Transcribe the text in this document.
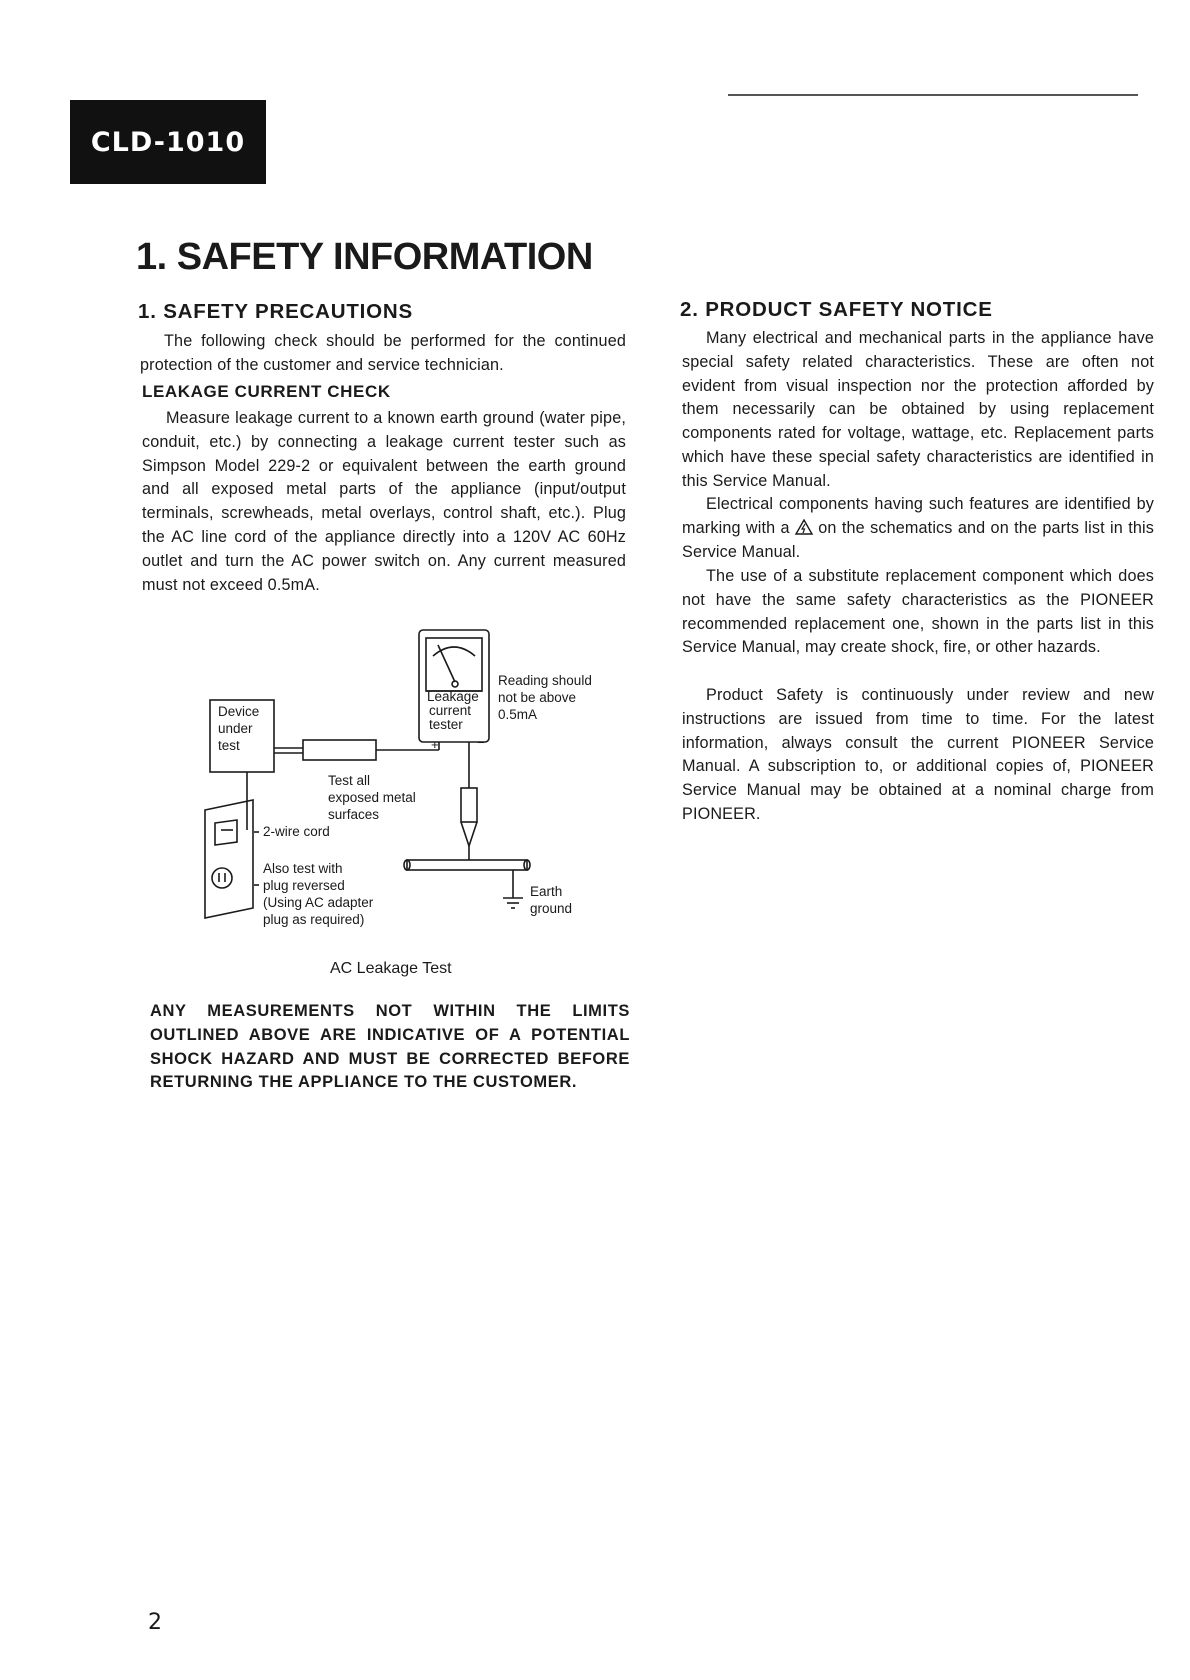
CLD-1010
1. SAFETY INFORMATION
1. SAFETY PRECAUTIONS

The following check should be performed for the continued protection of the customer and service technician.

LEAKAGE CURRENT CHECK

Measure leakage current to a known earth ground (water pipe, conduit, etc.) by connecting a leakage current tester such as Simpson Model 229-2 or equivalent between the earth ground and all exposed metal parts of the appliance (input/output terminals, screwheads, metal overlays, control shaft, etc.). Plug the AC line cord of the appliance directly into a 120V AC 60Hz outlet and turn the AC power switch on. Any current measured must not exceed 0.5mA.

Device

under

test

Leakage

current

tester

Reading should

not be above

0.5mA

+	−

Test all

exposed metal

surfaces

2-wire cord

Also test with

plug reversed

(Using AC adapter

plug as required)

Earth

ground

AC Leakage Test

ANY MEASUREMENTS NOT WITHIN THE LIMITS OUTLINED ABOVE ARE INDICATIVE OF A POTENTIAL SHOCK HAZARD AND MUST BE CORRECTED BEFORE RETURNING THE APPLIANCE TO THE CUSTOMER.

2. PRODUCT SAFETY NOTICE

Many electrical and mechanical parts in the appliance have special safety related characteristics. These are often not evident from visual inspection nor the protection afforded by them necessarily can be obtained by using replacement components rated for voltage, wattage, etc. Replacement parts which have these special safety characteristics are identified in this Service Manual.

Electrical components having such features are identified by marking with a on the schematics and on the parts list in this Service Manual.

The use of a substitute replacement component which does not have the same safety characteristics as the PIONEER recommended replacement one, shown in the parts list in this Service Manual, may create shock, fire, or other hazards.

Product Safety is continuously under review and new instructions are issued from time to time. For the latest information, always consult the current PIONEER Service Manual. A subscription to, or additional copies of, PIONEER Service Manual may be obtained at a nominal charge from PIONEER.

2
